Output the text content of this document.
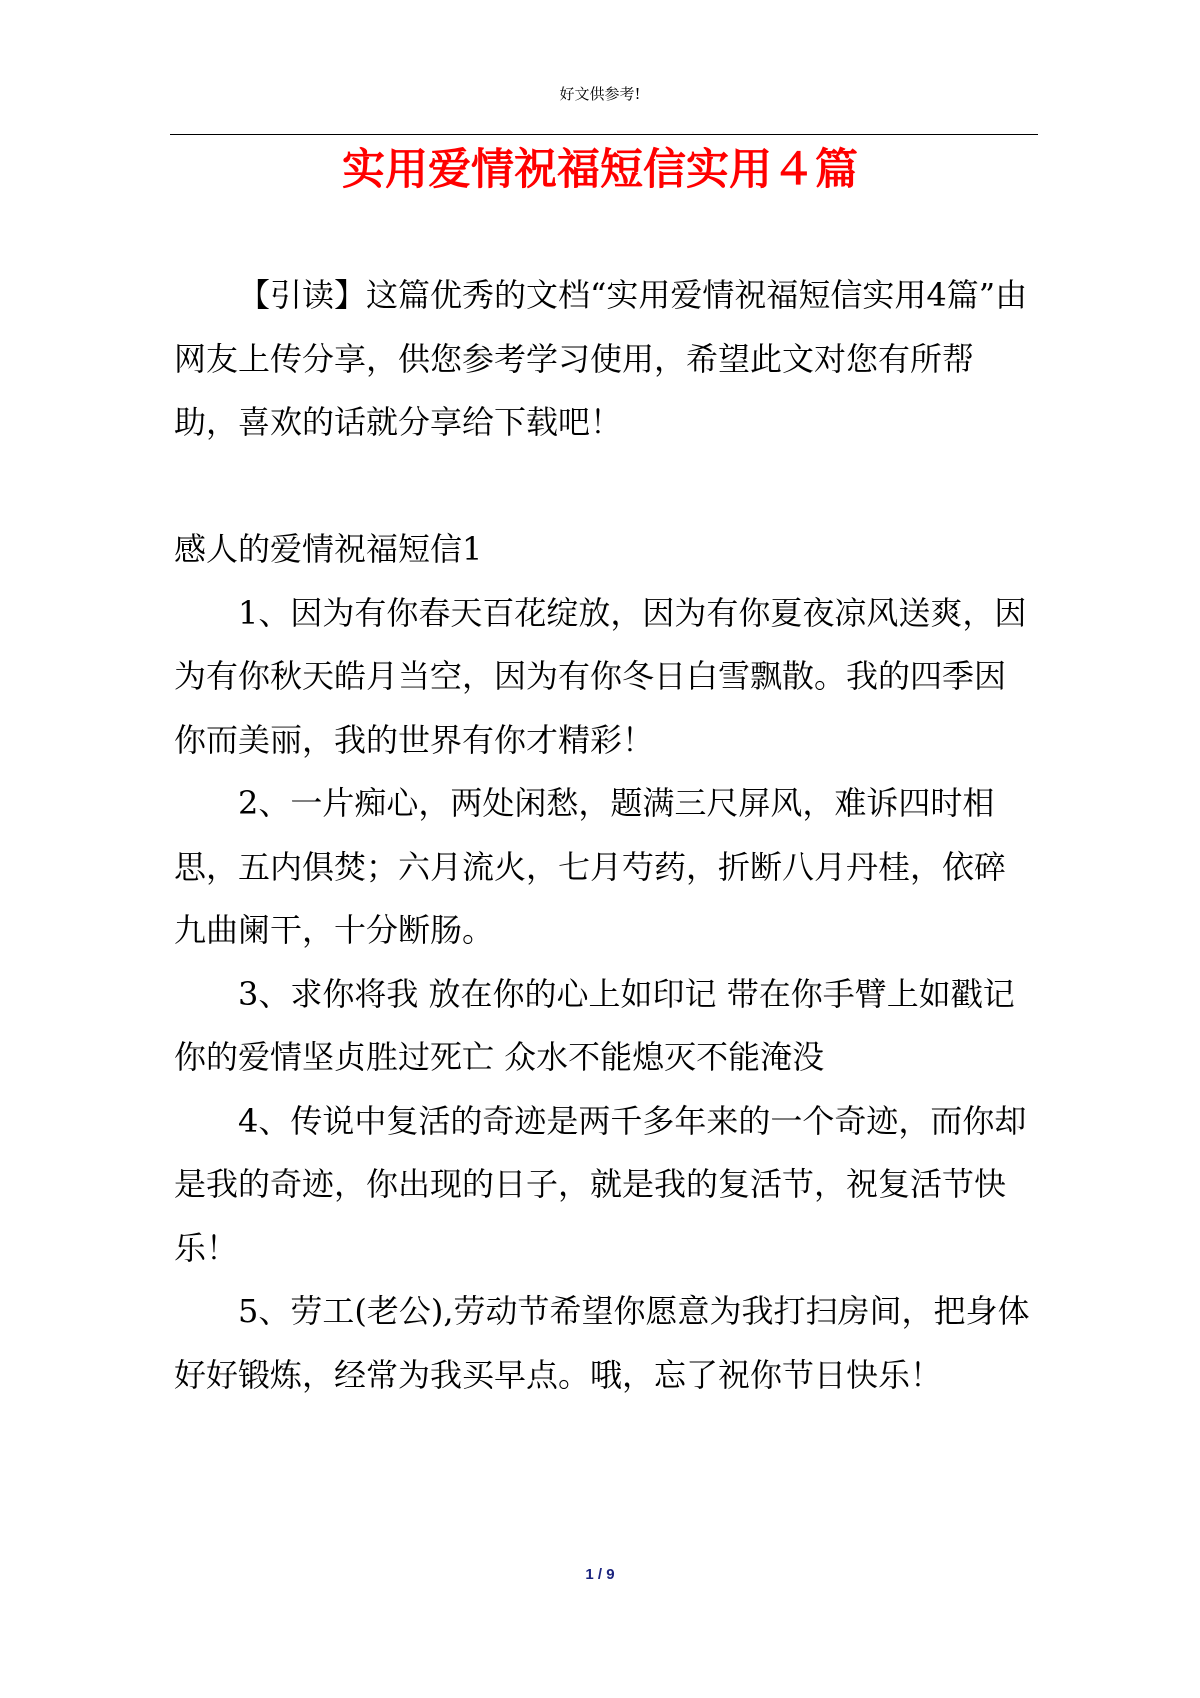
好文供参考!
实用爱情祝福短信实用４篇

【引读】这篇优秀的文档“实用爱情祝福短信实用4篇”由网友上传分享，供您参考学习使用，希望此文对您有所帮助，喜欢的话就分享给下载吧！

感人的爱情祝福短信1

1、因为有你春天百花绽放，因为有你夏夜凉风送爽，因为有你秋天皓月当空，因为有你冬日白雪飘散。我的四季因你而美丽，我的世界有你才精彩！

2、一片痴心，两处闲愁，题满三尺屏风，难诉四时相思，五内俱焚；六月流火，七月芍药，折断八月丹桂，依碎九曲阑干，十分断肠。

3、求你将我 放在你的心上如印记 带在你手臂上如戳记 你的爱情坚贞胜过死亡 众水不能熄灭不能淹没

4、传说中复活的奇迹是两千多年来的一个奇迹，而你却是我的奇迹，你出现的日子，就是我的复活节，祝复活节快乐！

5、劳工(老公),劳动节希望你愿意为我打扫房间，把身体好好锻炼，经常为我买早点。哦，忘了祝你节日快乐！

1 / 9
